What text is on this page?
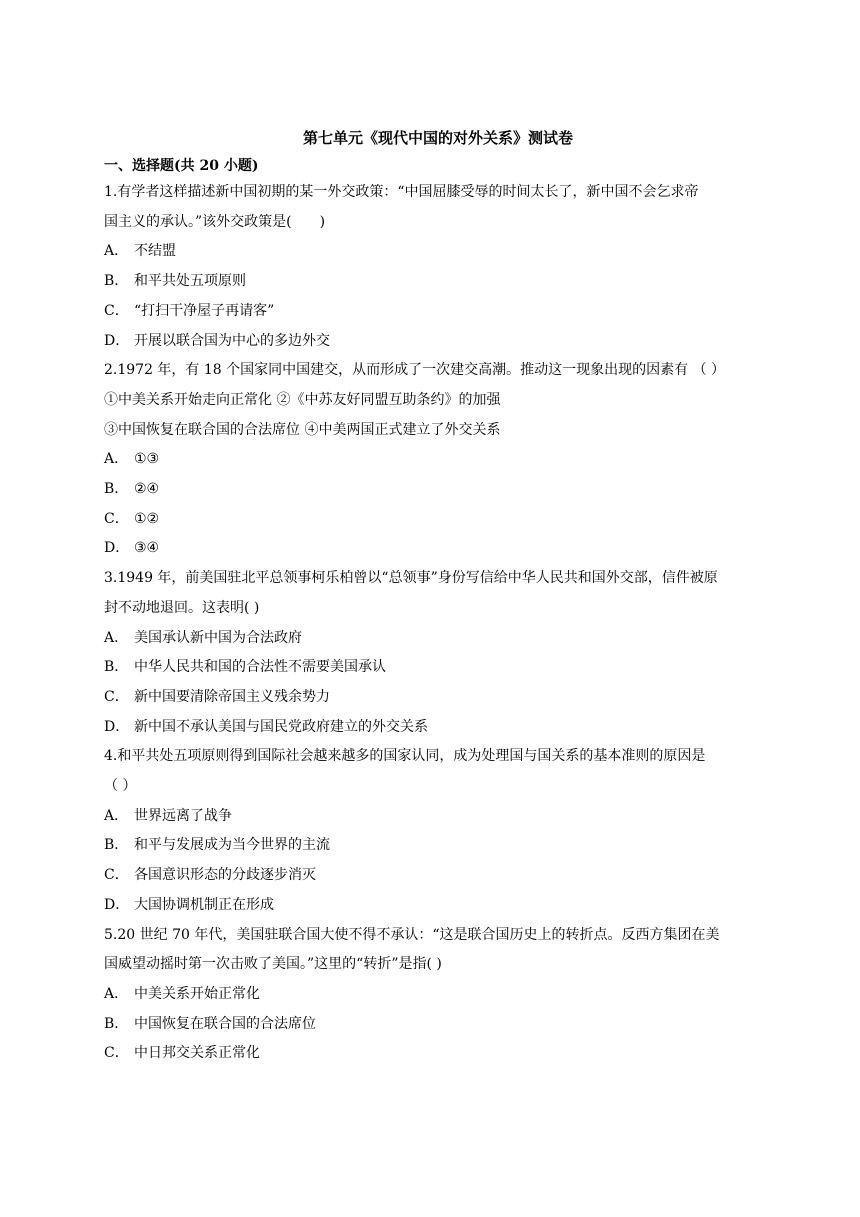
第七单元《现代中国的对外关系》测试卷
一、选择题(共 20 小题)
1.有学者这样描述新中国初期的某一外交政策：“中国屈膝受辱的时间太长了，新中国不会乞求帝
国主义的承认。”该外交政策是(　　)
A． 不结盟
B． 和平共处五项原则
C． “打扫干净屋子再请客”
D． 开展以联合国为中心的多边外交
2.1972 年，有 18 个国家同中国建交，从而形成了一次建交高潮。推动这一现象出现的因素有 （ ）
①中美关系开始走向正常化 ②《中苏友好同盟互助条约》的加强
③中国恢复在联合国的合法席位 ④中美两国正式建立了外交关系
A． ①③
B． ②④
C． ①②
D． ③④
3.1949 年，前美国驻北平总领事柯乐柏曾以“总领事”身份写信给中华人民共和国外交部，信件被原
封不动地退回。这表明( )
A． 美国承认新中国为合法政府
B． 中华人民共和国的合法性不需要美国承认
C． 新中国要清除帝国主义残余势力
D． 新中国不承认美国与国民党政府建立的外交关系
4.和平共处五项原则得到国际社会越来越多的国家认同，成为处理国与国关系的基本准则的原因是
（ ）
A． 世界远离了战争
B． 和平与发展成为当今世界的主流
C． 各国意识形态的分歧逐步消灭
D． 大国协调机制正在形成
5.20 世纪 70 年代，美国驻联合国大使不得不承认：“这是联合国历史上的转折点。反西方集团在美
国威望动摇时第一次击败了美国。”这里的“转折”是指( )
A． 中美关系开始正常化
B． 中国恢复在联合国的合法席位
C． 中日邦交关系正常化
